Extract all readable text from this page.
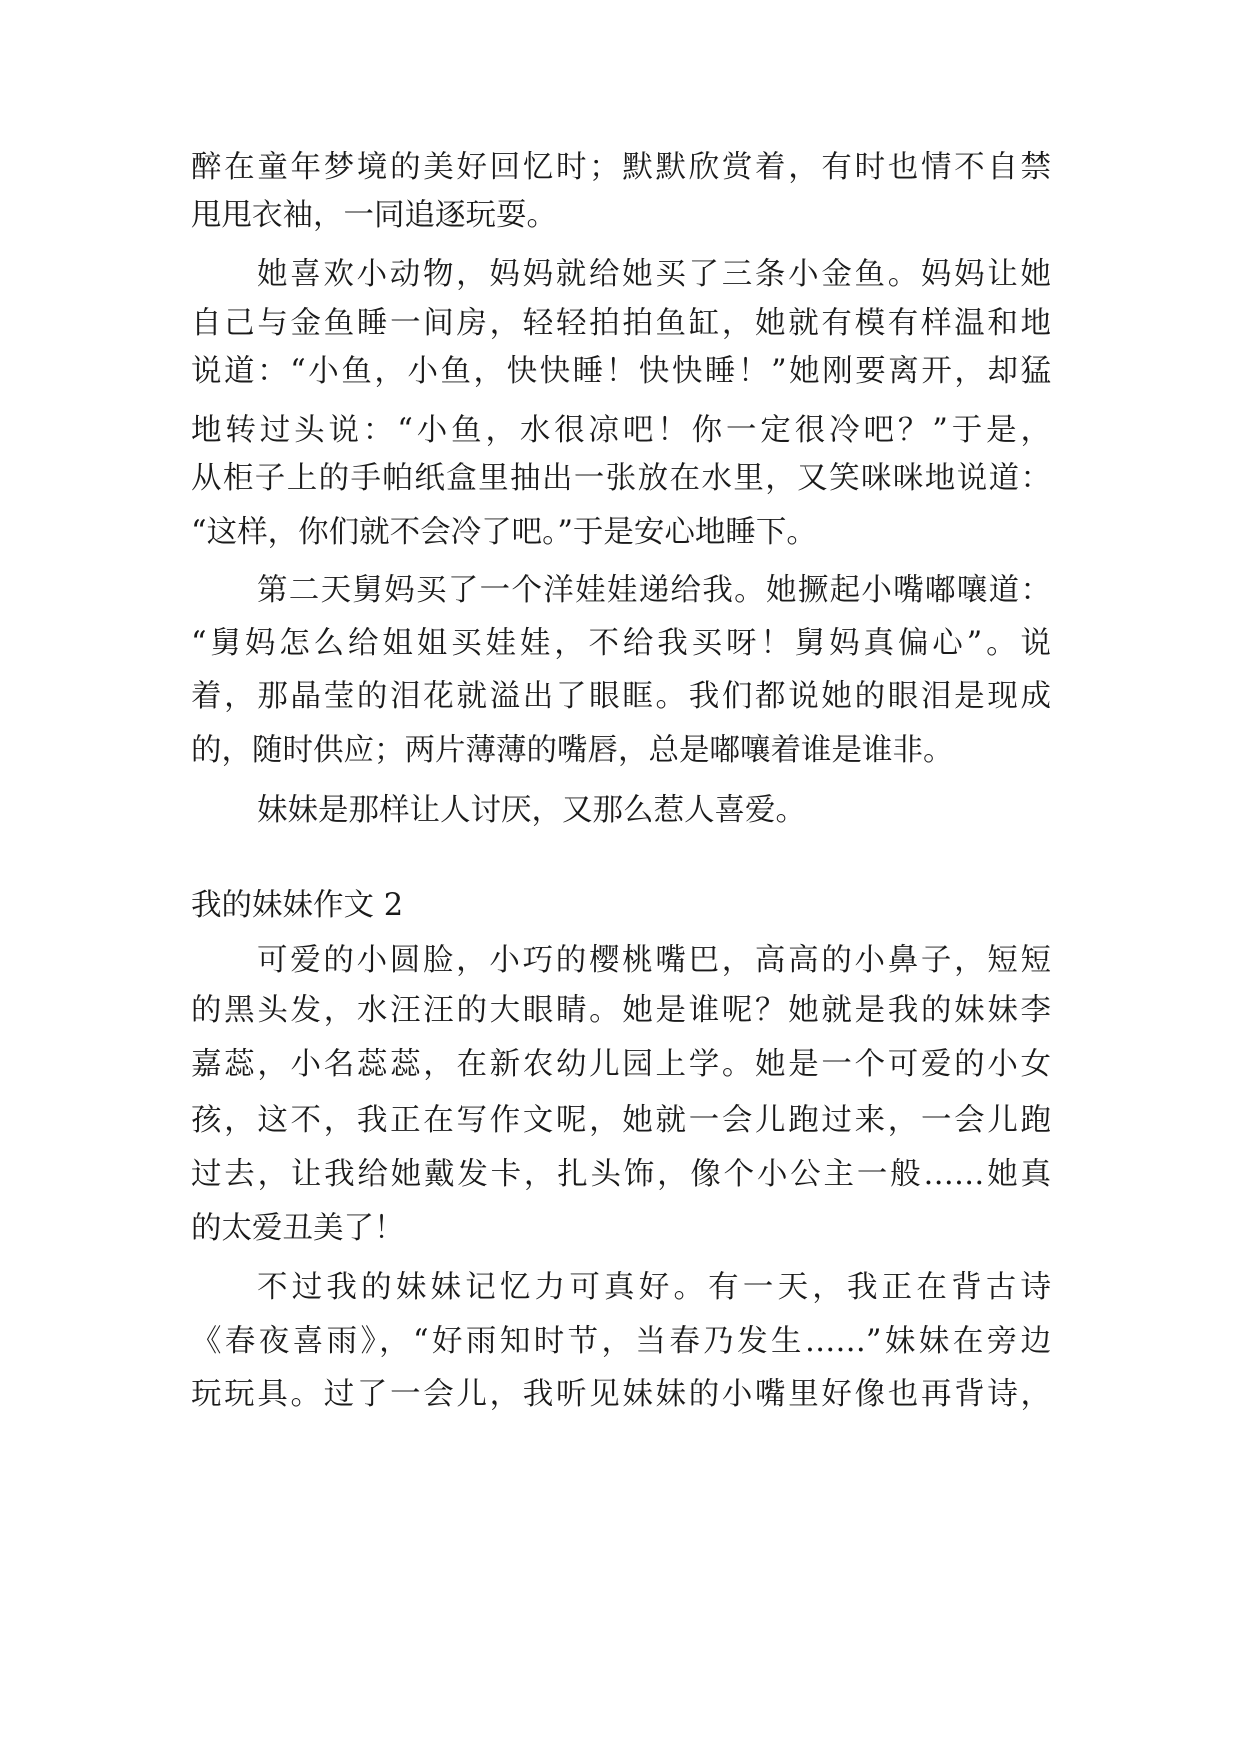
醉在童年梦境的美好回忆时；默默欣赏着，有时也情不自禁
甩甩衣袖，一同追逐玩耍。
她喜欢小动物，妈妈就给她买了三条小金鱼。妈妈让她
自己与金鱼睡一间房，轻轻拍拍鱼缸，她就有模有样温和地
说道：“小鱼，小鱼，快快睡！快快睡！”她刚要离开，却猛
地转过头说：“小鱼，水很凉吧！你一定很冷吧？”于是，
从柜子上的手帕纸盒里抽出一张放在水里，又笑咪咪地说道：
“这样，你们就不会冷了吧。”于是安心地睡下。
第二天舅妈买了一个洋娃娃递给我。她撅起小嘴嘟嚷道：
“舅妈怎么给姐姐买娃娃，不给我买呀！舅妈真偏心”。说
着，那晶莹的泪花就溢出了眼眶。我们都说她的眼泪是现成
的，随时供应；两片薄薄的嘴唇，总是嘟嚷着谁是谁非。
妹妹是那样让人讨厌，又那么惹人喜爱。
我的妹妹作文 2
可爱的小圆脸，小巧的樱桃嘴巴，高高的小鼻子，短短
的黑头发，水汪汪的大眼睛。她是谁呢？她就是我的妹妹李
嘉蕊，小名蕊蕊，在新农幼儿园上学。她是一个可爱的小女
孩，这不，我正在写作文呢，她就一会儿跑过来，一会儿跑
过去，让我给她戴发卡，扎头饰，像个小公主一般……她真
的太爱丑美了！
不过我的妹妹记忆力可真好。有一天，我正在背古诗
《春夜喜雨》，“好雨知时节，当春乃发生……”妹妹在旁边
玩玩具。过了一会儿，我听见妹妹的小嘴里好像也再背诗，
